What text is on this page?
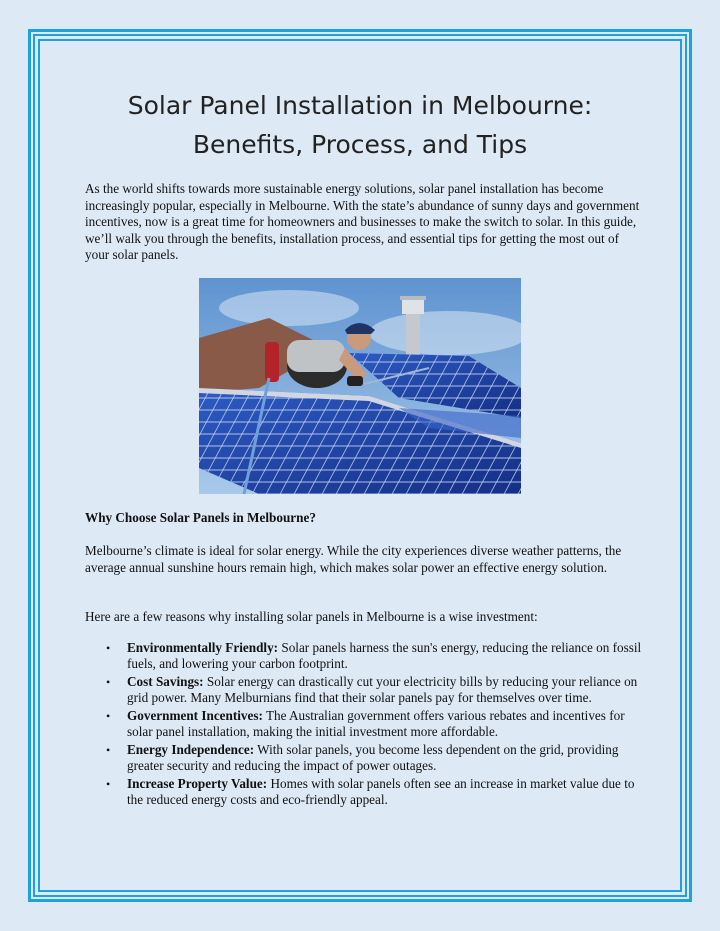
Solar Panel Installation in Melbourne:
Benefits, Process, and Tips

As the world shifts towards more sustainable energy solutions, solar panel installation has become increasingly popular, especially in Melbourne. With the state’s abundance of sunny days and government incentives, now is a great time for homeowners and businesses to make the switch to solar. In this guide, we’ll walk you through the benefits, installation process, and essential tips for getting the most out of your solar panels.

Why Choose Solar Panels in Melbourne?

Melbourne’s climate is ideal for solar energy. While the city experiences diverse weather patterns, the average annual sunshine hours remain high, which makes solar power an effective energy solution.

Here are a few reasons why installing solar panels in Melbourne is a wise investment:

• Environmentally Friendly: Solar panels harness the sun's energy, reducing the reliance on fossil fuels, and lowering your carbon footprint.
• Cost Savings: Solar energy can drastically cut your electricity bills by reducing your reliance on grid power. Many Melburnians find that their solar panels pay for themselves over time.
• Government Incentives: The Australian government offers various rebates and incentives for solar panel installation, making the initial investment more affordable.
• Energy Independence: With solar panels, you become less dependent on the grid, providing greater security and reducing the impact of power outages.
• Increase Property Value: Homes with solar panels often see an increase in market value due to the reduced energy costs and eco-friendly appeal.
